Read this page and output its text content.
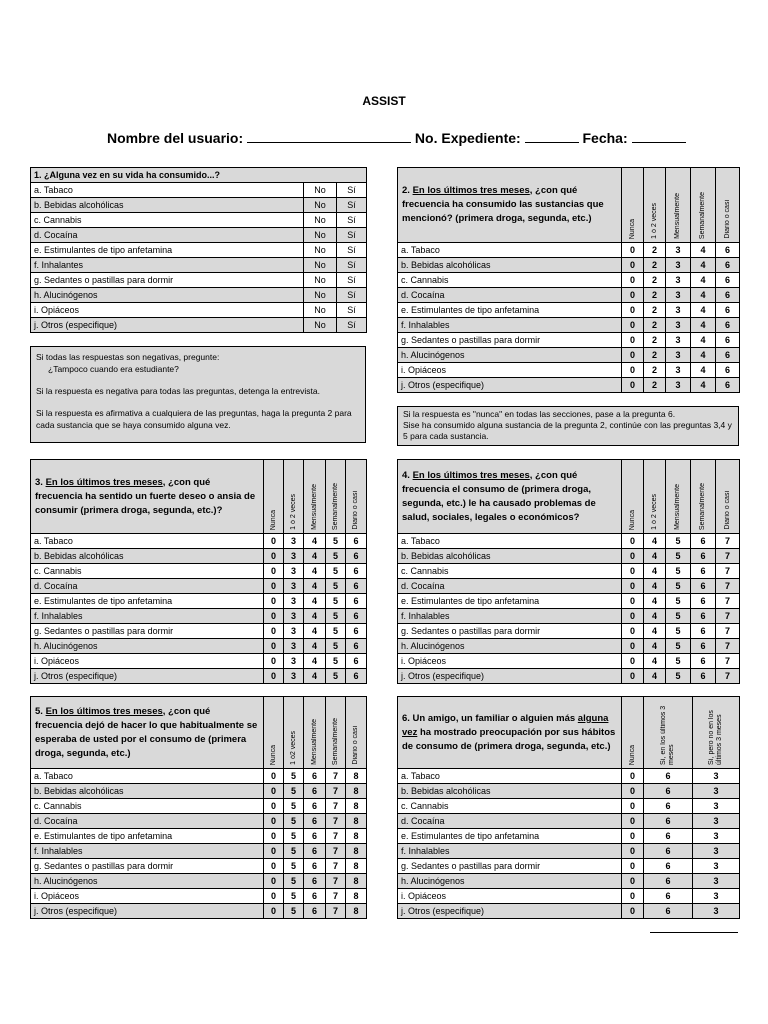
ASSIST
Nombre del usuario:	No. Expediente:	Fecha:
1. ¿Alguna vez en su vida ha consumido...?		
a. Tabaco	No	Sí
b. Bebidas alcohólicas	No	Sí
c. Cannabis	No	Sí
d. Cocaína	No	Sí
e. Estimulantes de tipo anfetamina	No	Sí
f. Inhalantes	No	Sí
g. Sedantes o pastillas para dormir	No	Sí
h. Alucinógenos	No	Sí
i. Opiáceos	No	Sí
j. Otros (especifique)	No	Sí
2. En los últimos tres meses, ¿con qué frecuencia ha consumido las sustancias que mencionó? (primera droga, segunda, etc.)	Nunca	1 ó 2 veces	Mensualmente	Semanalmente	Diario o casi

a. Tabaco	0	2	3	4	6
b. Bebidas alcohólicas	0	2	3	4	6
c. Cannabis	0	2	3	4	6
d. Cocaína	0	2	3	4	6
e. Estimulantes de tipo anfetamina	0	2	3	4	6
f. Inhalables	0	2	3	4	6
g. Sedantes o pastillas para dormir	0	2	3	4	6
h. Alucinógenos	0	2	3	4	6
i. Opiáceos	0	2	3	4	6
j. Otros (especifique)	0	2	3	4	6
Si todas las respuestas son negativas, pregunte:

¿Tampoco cuando era estudiante?

Si la respuesta es negativa para todas las preguntas, detenga la entrevista.

Si la respuesta es afirmativa a cualquiera de las preguntas, haga la pregunta 2 para cada sustancia que se haya consumido alguna vez.

Si la respuesta es "nunca" en todas las secciones, pase a la pregunta 6.
Sise ha consumido alguna sustancia de la pregunta 2, continúe con las preguntas 3,4 y 5 para cada sustancia.
3. En los últimos tres meses, ¿con qué frecuencia ha sentido un fuerte deseo o ansia de consumir (primera droga, segunda, etc.)?	Nunca	1 ó 2 veces	Mensualmente	Semanalmente	Diario o casi

a. Tabaco	0	3	4	5	6
b. Bebidas alcohólicas	0	3	4	5	6
c. Cannabis	0	3	4	5	6
d. Cocaína	0	3	4	5	6
e. Estimulantes de tipo anfetamina	0	3	4	5	6
f. Inhalables	0	3	4	5	6
g. Sedantes o pastillas para dormir	0	3	4	5	6
h. Alucinógenos	0	3	4	5	6
i. Opiáceos	0	3	4	5	6
j. Otros (especifique)	0	3	4	5	6
4. En los últimos tres meses, ¿con qué frecuencia el consumo de (primera droga, segunda, etc.) le ha causado problemas de salud, sociales, legales o económicos?	Nunca	1 ó 2 veces	Mensualmente	Semanalmente	Diario o casi

a. Tabaco	0	4	5	6	7
b. Bebidas alcohólicas	0	4	5	6	7
c. Cannabis	0	4	5	6	7
d. Cocaína	0	4	5	6	7
e. Estimulantes de tipo anfetamina	0	4	5	6	7
f. Inhalables	0	4	5	6	7
g. Sedantes o pastillas para dormir	0	4	5	6	7
h. Alucinógenos	0	4	5	6	7
i. Opiáceos	0	4	5	6	7
j. Otros (especifique)	0	4	5	6	7
5. En los últimos tres meses, ¿con qué frecuencia dejó de hacer lo que habitualmente se esperaba de usted por el consumo de (primera droga, segunda, etc.)	Nunca	1 ó2 veces	Mensualmente	Semanalmente	Diario o casi

a. Tabaco	0	5	6	7	8
b. Bebidas alcohólicas	0	5	6	7	8
c. Cannabis	0	5	6	7	8
d. Cocaína	0	5	6	7	8
e. Estimulantes de tipo anfetamina	0	5	6	7	8
f. Inhalables	0	5	6	7	8
g. Sedantes o pastillas para dormir	0	5	6	7	8
h. Alucinógenos	0	5	6	7	8
i. Opiáceos	0	5	6	7	8
j. Otros (especifique)	0	5	6	7	8
6. Un amigo, un familiar o alguien más alguna vez ha mostrado preocupación por sus hábitos de consumo de (primera droga, segunda, etc.)	Nunca	Sí, en los últimos 3 meses	Sí, pero no en los últimos 3 meses

a. Tabaco	0	6	3
b. Bebidas alcohólicas	0	6	3
c. Cannabis	0	6	3
d. Cocaína	0	6	3
e. Estimulantes de tipo anfetamina	0	6	3
f. Inhalables	0	6	3
g. Sedantes o pastillas para dormir	0	6	3
h. Alucinógenos	0	6	3
i. Opiáceos	0	6	3
j. Otros (especifique)	0	6	3
